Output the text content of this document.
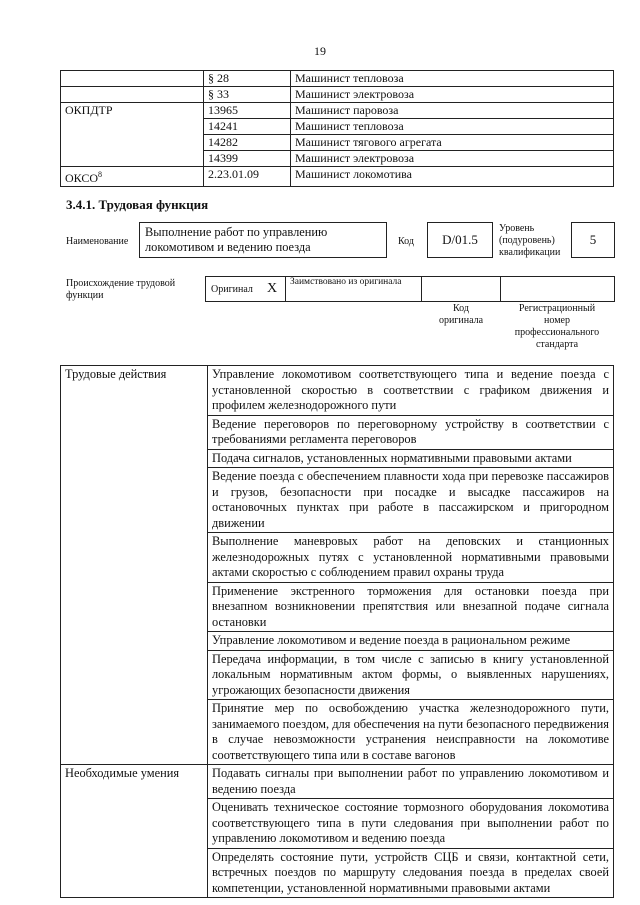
19
	§ 28	Машинист тепловоза
	§ 33	Машинист электровоза
ОКПДТР	13965	Машинист паровоза
	14241	Машинист тепловоза
	14282	Машинист тягового агрегата
	14399	Машинист электровоза
ОКСО$^8$	2.23.01.09	Машинист локомотива
3.4.1. Трудовая функция
Наименование
Выполнение работ по управлению локомотивом и ведению поезда	Код	D/01.5
Уровень (подуровень) квалификации
5
Происхождение трудовой функции
Оригинал X	Заимствовано из оригинала
Код оригинала
Регистрационный номер профессионального стандарта
Трудовые действия	Управление локомотивом соответствующего типа и ведение поезда с установленной скоростью в соответствии с графиком движения и профилем железнодорожного пути
	Ведение переговоров по переговорному устройству в соответствии с требованиями регламента переговоров
	Подача сигналов, установленных нормативными правовыми актами
	Ведение поезда с обеспечением плавности хода при перевозке пассажиров и грузов, безопасности при посадке и высадке пассажиров на остановочных пунктах при работе в пассажирском и пригородном движении
	Выполнение маневровых работ на деповских и станционных железнодорожных путях с установленной нормативными правовыми актами скоростью с соблюдением правил охраны труда
	Применение экстренного торможения для остановки поезда при внезапном возникновении препятствия или внезапной подаче сигнала остановки
	Управление локомотивом и ведение поезда в рациональном режиме
	Передача информации, в том числе с записью в книгу установленной локальным нормативным актом формы, о выявленных нарушениях, угрожающих безопасности движения
	Принятие мер по освобождению участка железнодорожного пути, занимаемого поездом, для обеспечения на пути безопасного передвижения в случае невозможности устранения неисправности на локомотиве соответствующего типа или в составе вагонов
Необходимые умения	Подавать сигналы при выполнении работ по управлению локомотивом и ведению поезда
	Оценивать техническое состояние тормозного оборудования локомотива соответствующего типа в пути следования при выполнении работ по управлению локомотивом и ведению поезда
	Определять состояние пути, устройств СЦБ и связи, контактной сети, встречных поездов по маршруту следования поезда в пределах своей компетенции, установленной нормативными правовыми актами
